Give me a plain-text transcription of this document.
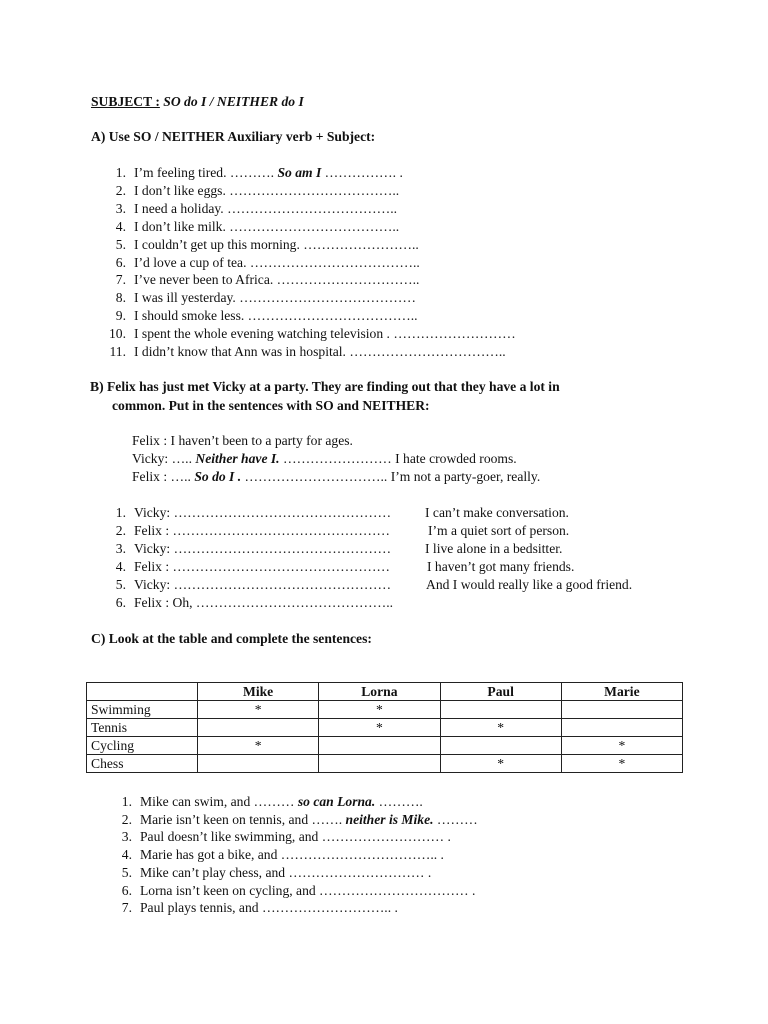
SUBJECT : SO do I / NEITHER do I
A) Use SO / NEITHER Auxiliary verb + Subject:
1. I’m feeling tired. ………. So am I ……………. .
2. I don’t like eggs. ………………………………..
3. I need a holiday. ………………………………..
4. I don’t like milk. ………………………………..
5. I couldn’t get up this morning. ……………………..
6. I’d love a cup of tea. ………………………………..
7. I’ve never been to Africa. …………………………..
8. I was ill yesterday. …………………………………
9. I should smoke less. ………………………………..
10. I spent the whole evening watching television . ………………………
11. I didn’t know that Ann was in hospital. ……………………………..
B) Felix has just met Vicky at a party. They are finding out that they have a lot in
common. Put in the sentences with SO and NEITHER:
Felix : I haven’t been to a party for ages.
Vicky: ….. Neither have I. …………………… I hate crowded rooms.
Felix : ….. So do I . ………………………….. I’m not a party-goer, really.
1. Vicky: ………………………………………… I can’t make conversation.
2. Felix : …………………………………………	I’m a quiet sort of person.
3. Vicky: ………………………………………… I live alone in a bedsitter.
4. Felix : …………………………………………	I haven’t got many friends.
5. Vicky: …………………………………………	And I would really like a good friend.
6. Felix : Oh, ……………………………………..
C) Look at the table and complete the sentences:
	Mike	Lorna	Paul	Marie
Swimming	*	*		
Tennis		*	*	
Cycling	*			*
Chess			*	*
1. Mike can swim, and ……… so can Lorna. ……….
2. Marie isn’t keen on tennis, and ……. neither is Mike. ………
3. Paul doesn’t like swimming, and ……………………… .
4. Marie has got a bike, and …………………………….. .
5. Mike can’t play chess, and ………………………… .
6. Lorna isn’t keen on cycling, and …………………………… .
7. Paul plays tennis, and ……………………….. .
